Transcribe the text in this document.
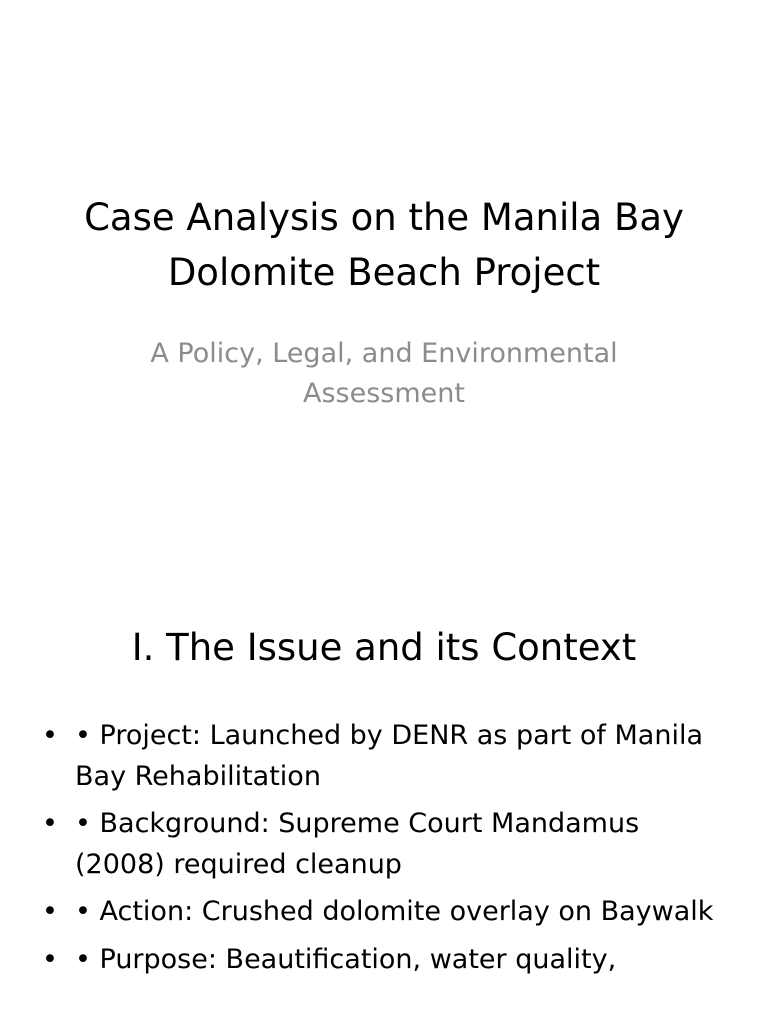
Case Analysis on the Manila Bay
Dolomite Beach Project

A Policy, Legal, and Environmental
Assessment

I. The Issue and its Context
• • Project: Launched by DENR as part of Manila Bay Rehabilitation
• • Background: Supreme Court Mandamus (2008) required cleanup
• • Action: Crushed dolomite overlay on Baywalk
• • Purpose: Beautification, water quality,
